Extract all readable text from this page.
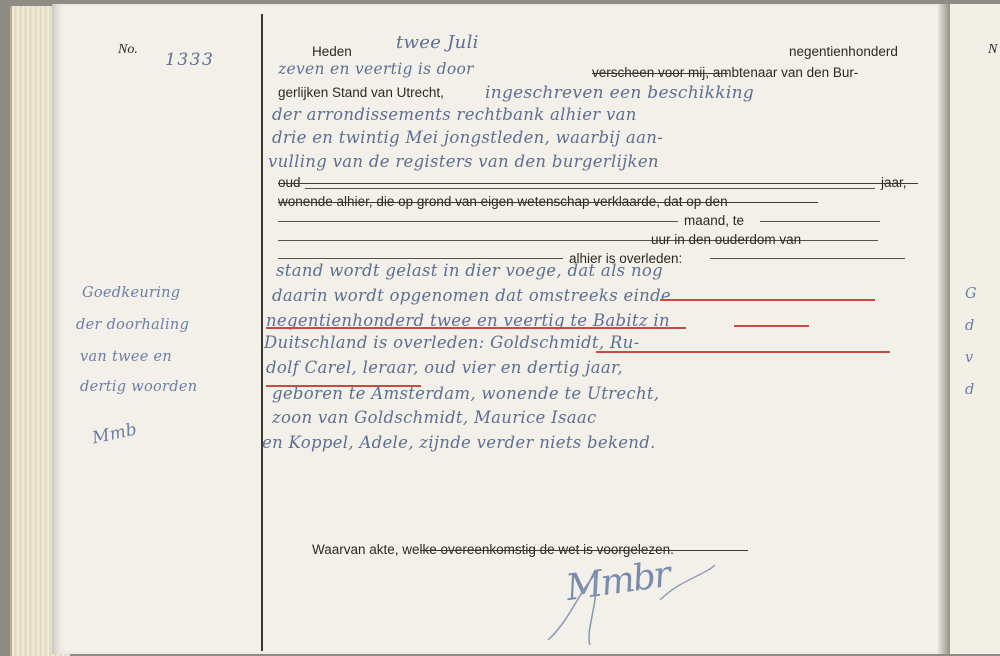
No.
1333
N
G
d
v
d
Heden twee Juli	negentienhonderd
zeven en veertig is door	verscheen voor mij, ambtenaar van den Bur-
gerlijken Stand van Utrecht, ingeschreven een beschikking
der arrondissements rechtbank alhier van
drie en twintig Mei jongstleden, waarbij aan-
vulling van de registers van den burgerlijken
oud	jaar,
wonende alhier, die op grond van eigen wetenschap verklaarde, dat op den
maand, te
uur in den ouderdom van
alhier is overleden:
stand wordt gelast in dier voege, dat als nog
daarin wordt opgenomen dat omstreeks einde
negentienhonderd twee en veertig te Babitz in
Duitschland is overleden: Goldschmidt, Ru-
dolf Carel, leraar, oud vier en dertig jaar,
geboren te Amsterdam, wonende te Utrecht,
zoon van Goldschmidt, Maurice Isaac
en Koppel, Adele, zijnde verder niets bekend.
Waarvan akte, welke overeenkomstig de wet is voorgelezen.
Goedkeuring
der doorhaling
van twee en
dertig woorden
Mmb
Mmbr
